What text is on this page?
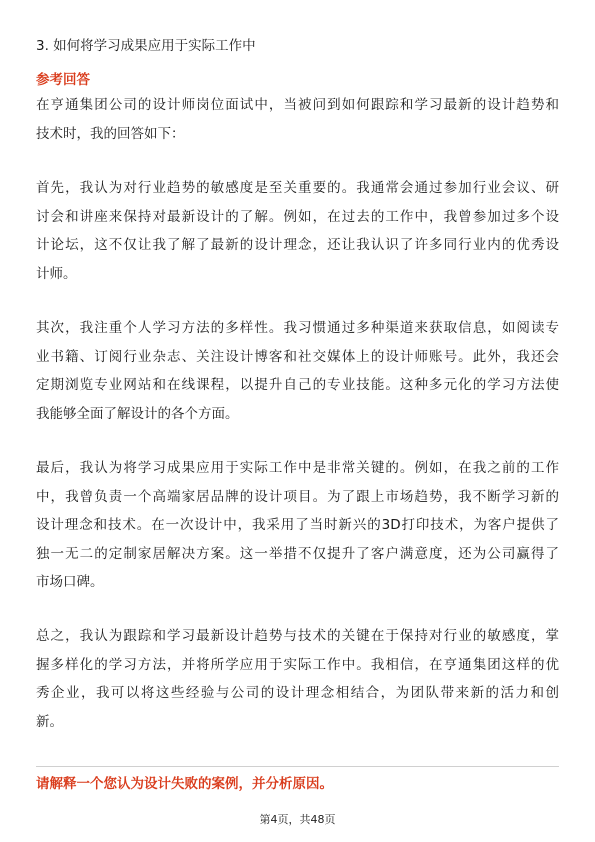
3. 如何将学习成果应用于实际工作中
参考回答
在亨通集团公司的设计师岗位面试中，当被问到如何跟踪和学习最新的设计趋势和
技术时，我的回答如下：
首先，我认为对行业趋势的敏感度是至关重要的。我通常会通过参加行业会议、研
讨会和讲座来保持对最新设计的了解。例如，在过去的工作中，我曾参加过多个设
计论坛，这不仅让我了解了最新的设计理念，还让我认识了许多同行业内的优秀设
计师。
其次，我注重个人学习方法的多样性。我习惯通过多种渠道来获取信息，如阅读专
业书籍、订阅行业杂志、关注设计博客和社交媒体上的设计师账号。此外，我还会
定期浏览专业网站和在线课程，以提升自己的专业技能。这种多元化的学习方法使
我能够全面了解设计的各个方面。
最后，我认为将学习成果应用于实际工作中是非常关键的。例如，在我之前的工作
中，我曾负责一个高端家居品牌的设计项目。为了跟上市场趋势，我不断学习新的
设计理念和技术。在一次设计中，我采用了当时新兴的3D打印技术，为客户提供了
独一无二的定制家居解决方案。这一举措不仅提升了客户满意度，还为公司赢得了
市场口碑。
总之，我认为跟踪和学习最新设计趋势与技术的关键在于保持对行业的敏感度，掌
握多样化的学习方法，并将所学应用于实际工作中。我相信，在亨通集团这样的优
秀企业，我可以将这些经验与公司的设计理念相结合，为团队带来新的活力和创
新。
请解释一个您认为设计失败的案例，并分析原因。
第4页，共48页
